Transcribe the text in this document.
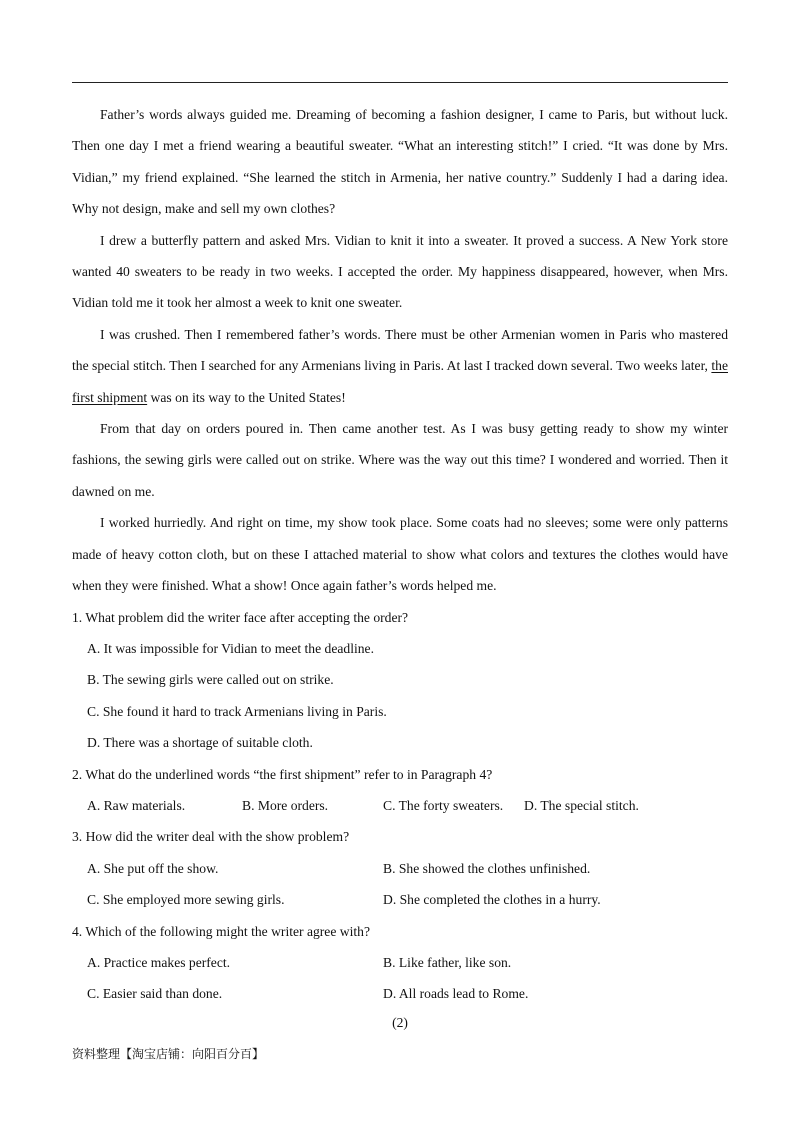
Father’s words always guided me. Dreaming of becoming a fashion designer, I came to Paris, but without luck. Then one day I met a friend wearing a beautiful sweater. “What an interesting stitch!” I cried. “It was done by Mrs. Vidian,” my friend explained. “She learned the stitch in Armenia, her native country.” Suddenly I had a daring idea. Why not design, make and sell my own clothes?

I drew a butterfly pattern and asked Mrs. Vidian to knit it into a sweater. It proved a success. A New York store wanted 40 sweaters to be ready in two weeks. I accepted the order. My happiness disappeared, however, when Mrs. Vidian told me it took her almost a week to knit one sweater.

I was crushed. Then I remembered father’s words. There must be other Armenian women in Paris who mastered the special stitch. Then I searched for any Armenians living in Paris. At last I tracked down several. Two weeks later, the first shipment was on its way to the United States!

From that day on orders poured in. Then came another test. As I was busy getting ready to show my winter fashions, the sewing girls were called out on strike. Where was the way out this time? I wondered and worried. Then it dawned on me.

I worked hurriedly. And right on time, my show took place. Some coats had no sleeves; some were only patterns made of heavy cotton cloth, but on these I attached material to show what colors and textures the clothes would have when they were finished. What a show! Once again father’s words helped me.

1. What problem did the writer face after accepting the order?

A. It was impossible for Vidian to meet the deadline.

B. The sewing girls were called out on strike.

C. She found it hard to track Armenians living in Paris.

D. There was a shortage of suitable cloth.

2. What do the underlined words “the first shipment” refer to in Paragraph 4?

A. Raw materials.	B. More orders.	C. The forty sweaters.	D. The special stitch.

3. How did the writer deal with the show problem?

A. She put off the show.	B. She showed the clothes unfinished.
C. She employed more sewing girls.	D. She completed the clothes in a hurry.

4. Which of the following might the writer agree with?

A. Practice makes perfect.	B. Like father, like son.
C. Easier said than done.	D. All roads lead to Rome.
(2)
资料整理【淘宝店铺：向阳百分百】
